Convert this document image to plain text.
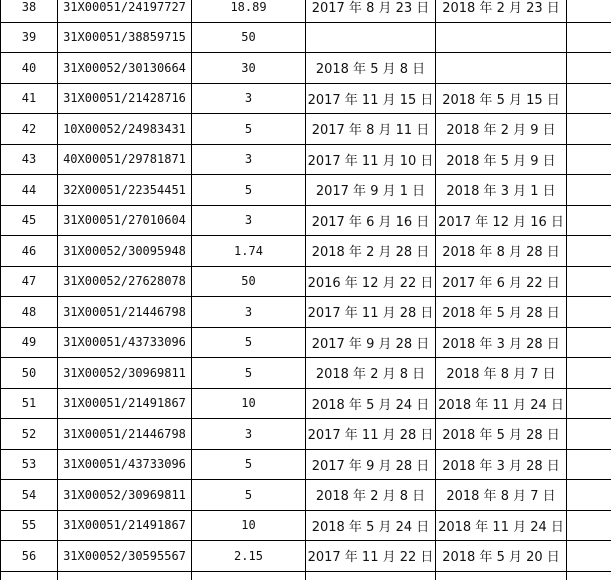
38	31X00051/24197727	18.89	2017 年 8 月 23 日	2018 年 2 月 23 日	
39	31X00051/38859715	50			
40	31X00052/30130664	30	2018 年 5 月 8 日		
41	31X00051/21428716	3	2017 年 11 月 15 日	2018 年 5 月 15 日	
42	10X00052/24983431	5	2017 年 8 月 11 日	2018 年 2 月 9 日	
43	40X00051/29781871	3	2017 年 11 月 10 日	2018 年 5 月 9 日	
44	32X00051/22354451	5	2017 年 9 月 1 日	2018 年 3 月 1 日	
45	31X00051/27010604	3	2017 年 6 月 16 日	2017 年 12 月 16 日	
46	31X00052/30095948	1.74	2018 年 2 月 28 日	2018 年 8 月 28 日	
47	31X00052/27628078	50	2016 年 12 月 22 日	2017 年 6 月 22 日	
48	31X00051/21446798	3	2017 年 11 月 28 日	2018 年 5 月 28 日	
49	31X00051/43733096	5	2017 年 9 月 28 日	2018 年 3 月 28 日	
50	31X00052/30969811	5	2018 年 2 月 8 日	2018 年 8 月 7 日	
51	31X00051/21491867	10	2018 年 5 月 24 日	2018 年 11 月 24 日	
52	31X00051/21446798	3	2017 年 11 月 28 日	2018 年 5 月 28 日	
53	31X00051/43733096	5	2017 年 9 月 28 日	2018 年 3 月 28 日	
54	31X00052/30969811	5	2018 年 2 月 8 日	2018 年 8 月 7 日	
55	31X00051/21491867	10	2018 年 5 月 24 日	2018 年 11 月 24 日	
56	31X00052/30595567	2.15	2017 年 11 月 22 日	2018 年 5 月 20 日	
